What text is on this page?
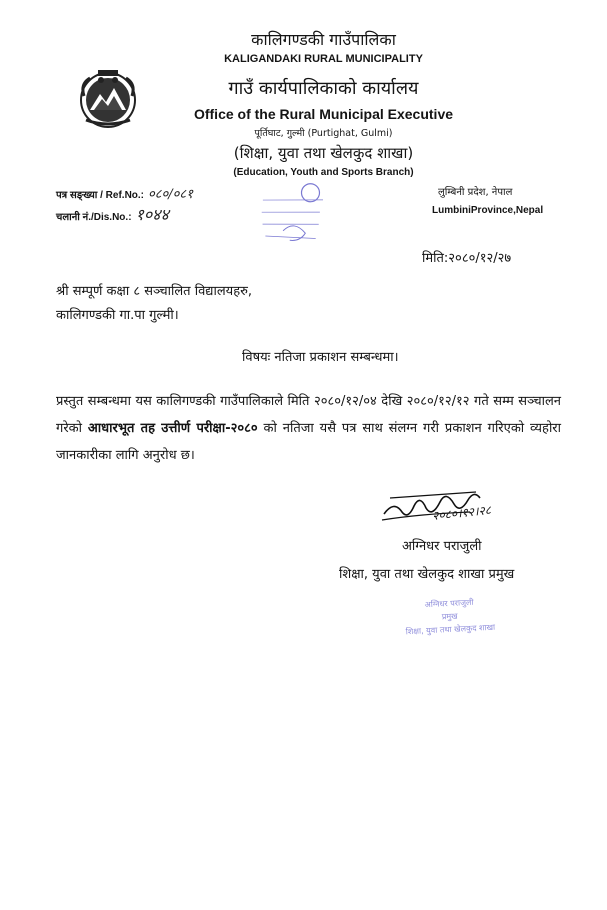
कालिगण्डकी गाउँपालिका
KALIGANDAKI RURAL MUNICIPALITY
गाउँ कार्यपालिकाको कार्यालय
Office of the Rural Municipal Executive
पूर्तिघाट, गुल्मी (Purtighat, Gulmi)
(शिक्षा, युवा तथा खेलकुद शाखा)
(Education, Youth and Sports Branch)
पत्र सङ्ख्या / Ref.No.: ०८०/०८१
चलानी नं./Dis.No.: १०४४
लुम्बिनी प्रदेश, नेपाल
LumbiniProvince,Nepal
मिति:२०८०/१२/२७
श्री सम्पूर्ण कक्षा ८ सञ्चालित विद्यालयहरु,
कालिगण्डकी गा.पा गुल्मी।
विषयः नतिजा प्रकाशन सम्बन्धमा।
प्रस्तुत सम्बन्धमा यस कालिगण्डकी गाउँपालिकाले मिति २०८०/१२/०४ देखि २०८०/१२/१२ गते सम्म सञ्चालन गरेको आधारभूत तह उत्तीर्ण परीक्षा-२०८० को नतिजा यसै पत्र साथ संलग्न गरी प्रकाशन गरिएको व्यहोरा जानकारीका लागि अनुरोध छ।
२०८०।१२।२८
अग्निधर पराजुली
शिक्षा, युवा तथा खेलकुद शाखा प्रमुख
अग्निधर पराजुली
प्रमुख
शिक्षा, युवा तथा खेलकुद शाखा
